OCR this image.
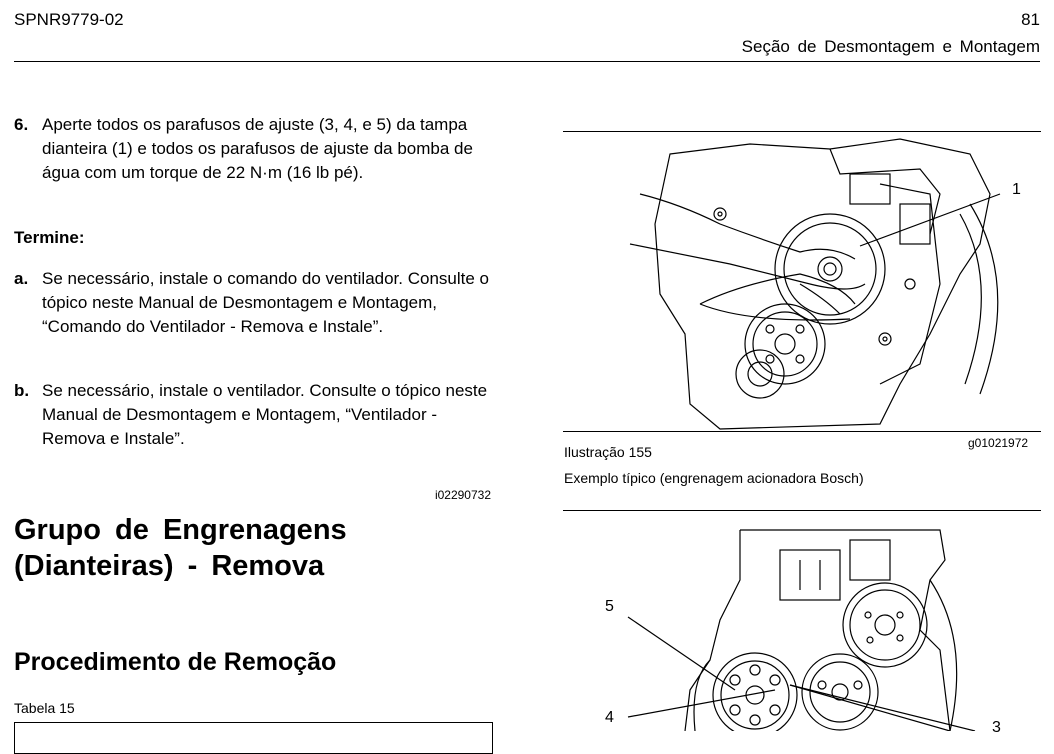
SPNR9779-02	81
Seção de Desmontagem e Montagem
6. Aperte todos os parafusos de ajuste (3, 4, e 5) da tampa dianteira (1) e todos os parafusos de ajuste da bomba de água com um torque de 22 N·m (16 lb pé).
Termine:
a. Se necessário, instale o comando do ventilador. Consulte o tópico neste Manual de Desmontagem e Montagem, “Comando do Ventilador - Remova e Instale”.
b. Se necessário, instale o ventilador. Consulte o tópico neste Manual de Desmontagem e Montagem, “Ventilador - Remova e Instale”.
i02290732
Grupo de Engrenagens (Dianteiras) - Remova
Procedimento de Remoção
Tabela 15
1
Ilustração 155
g01021972
Exemplo típico (engrenagem acionadora Bosch)
5
4
3
